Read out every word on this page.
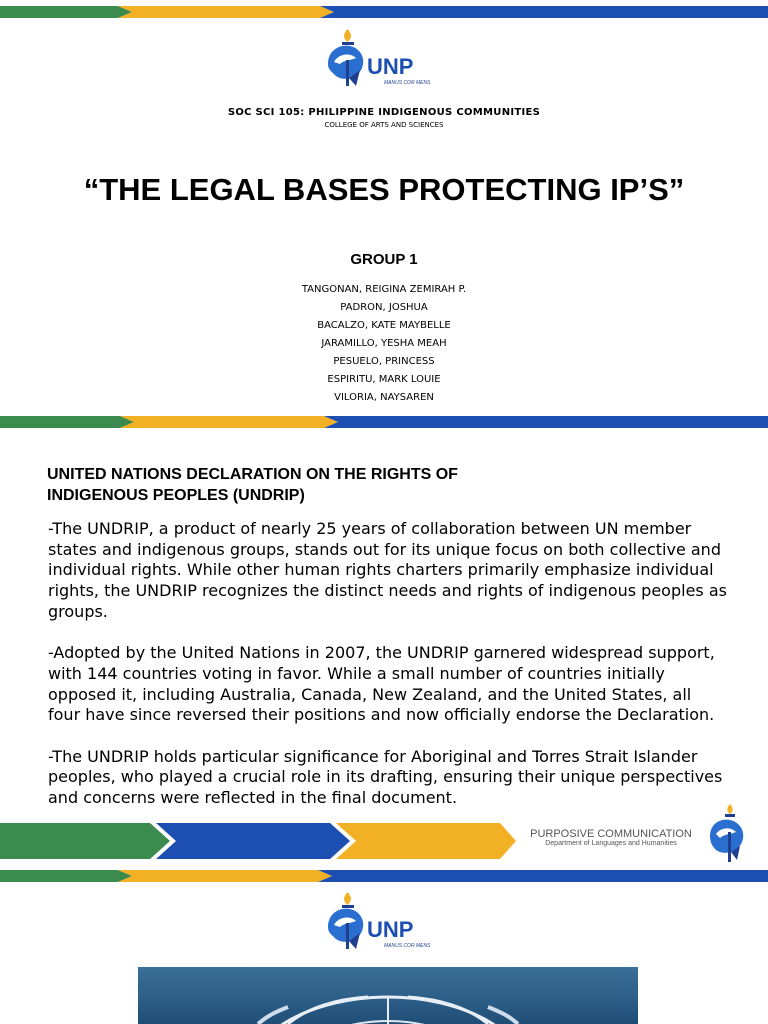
UNP
MANUS COR MENS
SOC SCI 105: PHILIPPINE INDIGENOUS COMMUNITIES
COLLEGE OF ARTS AND SCIENCES
“THE LEGAL BASES PROTECTING IP’S”
GROUP 1
TANGONAN, REIGINA ZEMIRAH P.
PADRON, JOSHUA
BACALZO, KATE MAYBELLE
JARAMILLO, YESHA MEAH
PESUELO, PRINCESS
ESPIRITU, MARK LOUIE
VILORIA, NAYSAREN
UNITED NATIONS DECLARATION ON THE RIGHTS OF INDIGENOUS PEOPLES (UNDRIP)

-The UNDRIP, a product of nearly 25 years of collaboration between UN member states and indigenous groups, stands out for its unique focus on both collective and individual rights. While other human rights charters primarily emphasize individual rights, the UNDRIP recognizes the distinct needs and rights of indigenous peoples as groups.

-Adopted by the United Nations in 2007, the UNDRIP garnered widespread support, with 144 countries voting in favor. While a small number of countries initially opposed it, including Australia, Canada, New Zealand, and the United States, all four have since reversed their positions and now officially endorse the Declaration.

-The UNDRIP holds particular significance for Aboriginal and Torres Strait Islander peoples, who played a crucial role in its drafting, ensuring their unique perspectives and concerns were reflected in the final document.

PURPOSIVE COMMUNICATION
Department of Languages and Humanities
UNP
MANUS COR MENS
